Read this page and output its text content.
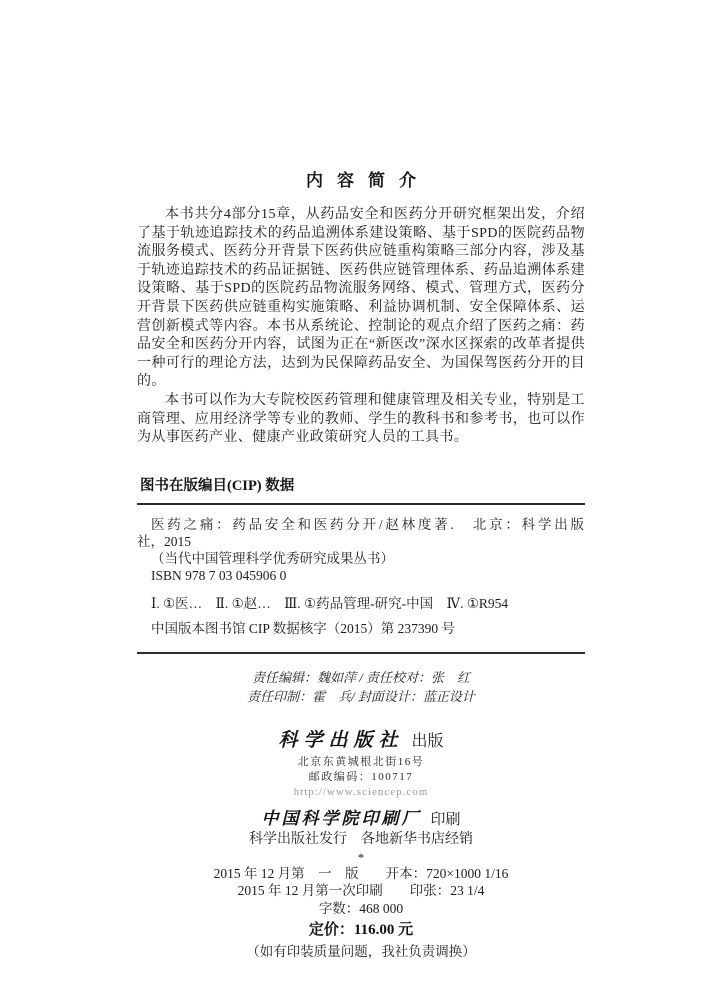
内容简介

本书共分4部分15章，从药品安全和医药分开研究框架出发，介绍了基于轨迹追踪技术的药品追溯体系建设策略、基于SPD的医院药品物流服务模式、医药分开背景下医药供应链重构策略三部分内容，涉及基于轨迹追踪技术的药品证据链、医药供应链管理体系、药品追溯体系建设策略、基于SPD的医院药品物流服务网络、模式、管理方式，医药分开背景下医药供应链重构实施策略、利益协调机制、安全保障体系、运营创新模式等内容。本书从系统论、控制论的观点介绍了医药之痛：药品安全和医药分开内容，试图为正在“新医改”深水区探索的改革者提供一种可行的理论方法，达到为民保障药品安全、为国保驾医药分开的目的。

本书可以作为大专院校医药管理和健康管理及相关专业，特别是工商管理、应用经济学等专业的教师、学生的教科书和参考书，也可以作为从事医药产业、健康产业政策研究人员的工具书。

图书在版编目(CIP) 数据

医药之痛：药品安全和医药分开/赵林度著.　北京：科学出版

社，2015

（当代中国管理科学优秀研究成果丛书）

ISBN 978 7 03 045906 0

Ⅰ. ①医…　Ⅱ. ①赵…　Ⅲ. ①药品管理-研究-中国　Ⅳ. ①R954

中国版本图书馆 CIP 数据核字（2015）第 237390 号

责任编辑：魏如萍 / 责任校对：张　红
责任印制：霍　兵/ 封面设计：蓝正设计
科学出版社 出版
北京东黄城根北街16号
邮政编码：100717
http://www.sciencep.com
中国科学院印刷厂 印刷
科学出版社发行　各地新华书店经销
*
2015 年 12 月第　一　版　　开本：720×1000 1/16
2015 年 12 月第一次印刷　　印张：23 1/4
字数：468 000
定价：116.00 元
（如有印装质量问题，我社负责调换）
